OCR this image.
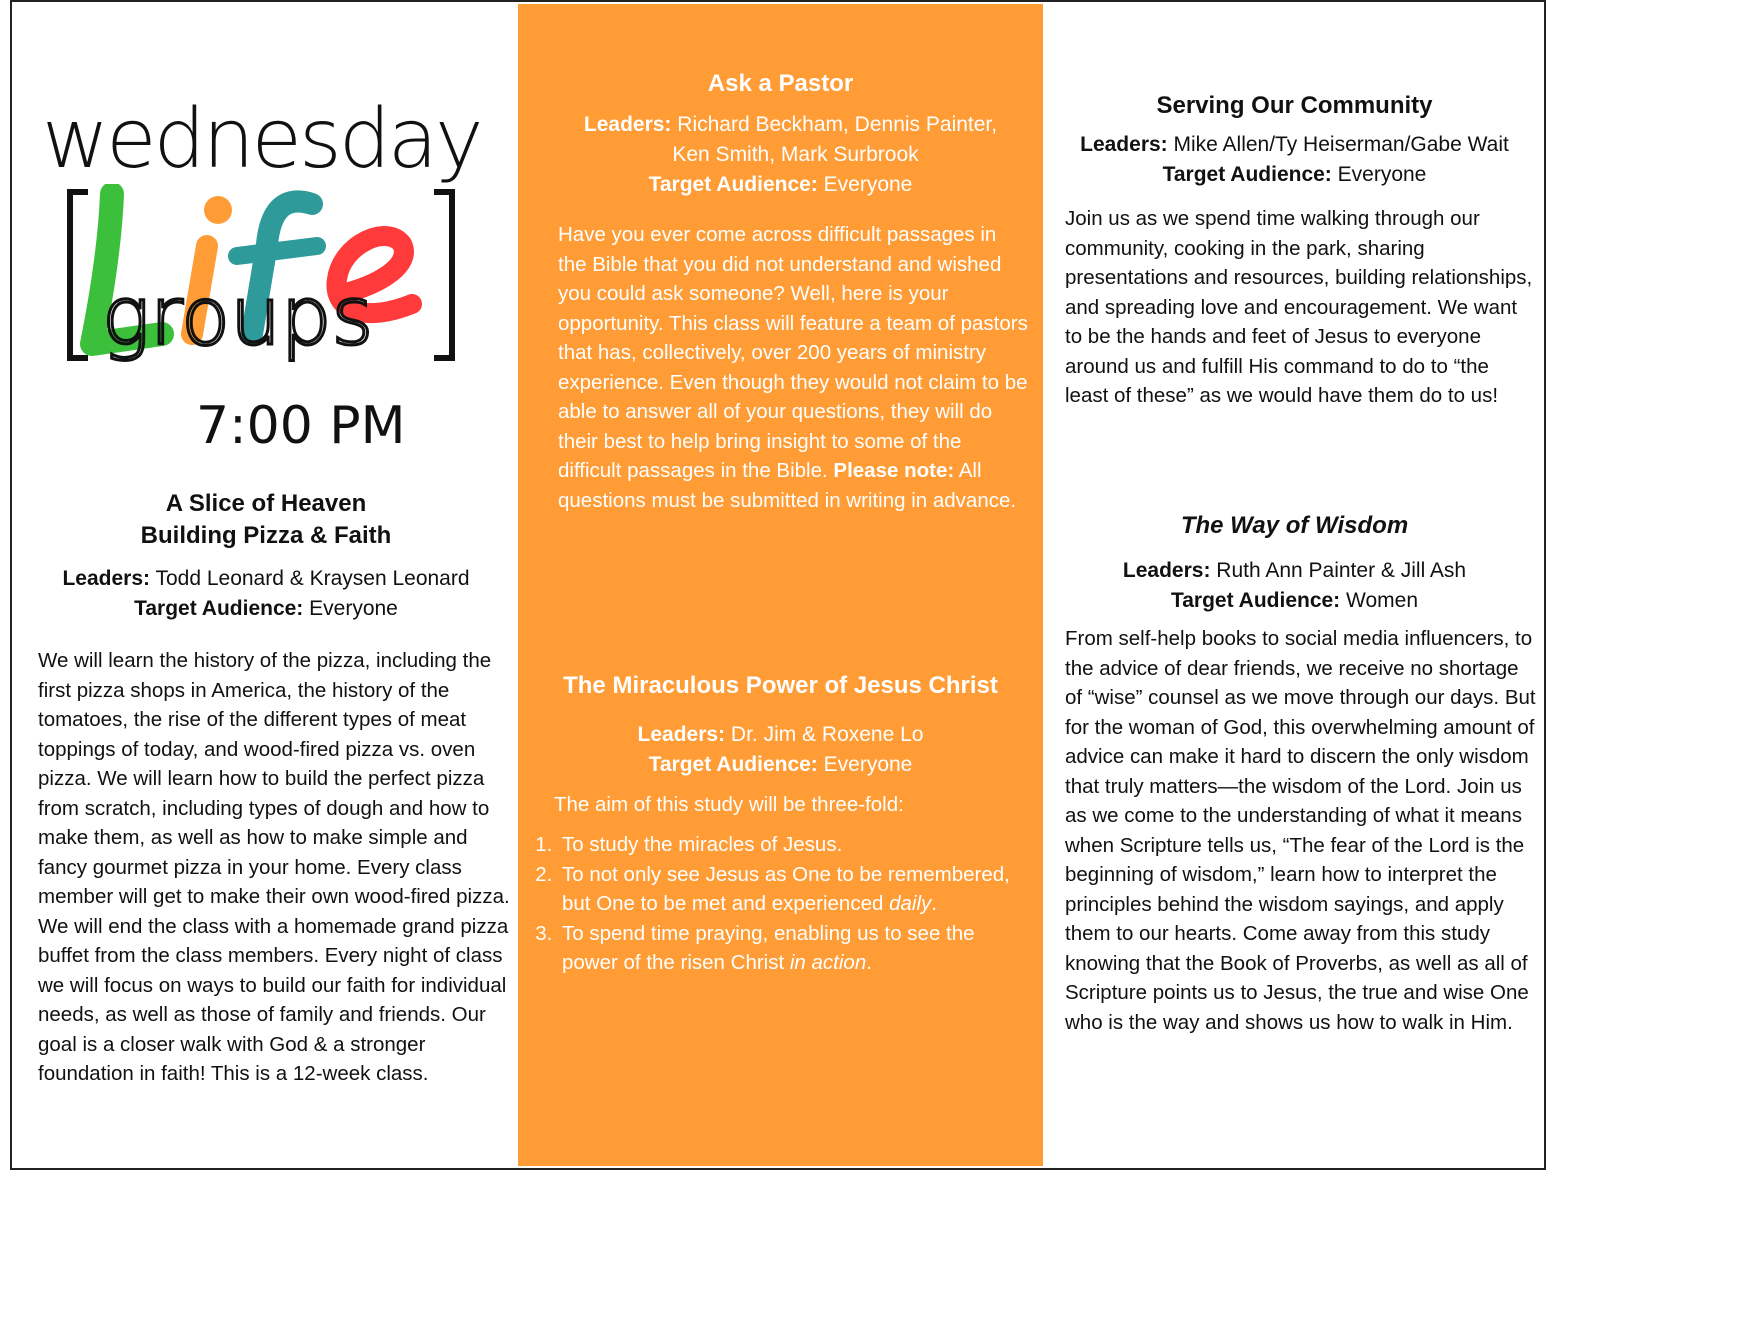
wednesday
groups
7:00 PM
A Slice of Heaven
Building Pizza & Faith
Leaders: Todd Leonard & Kraysen Leonard
Target Audience: Everyone
We will learn the history of the pizza, including the first pizza shops in America, the history of the tomatoes, the rise of the different types of meat toppings of today, and wood-fired pizza vs. oven pizza. We will learn how to build the perfect pizza from scratch, including types of dough and how to make them, as well as how to make simple and fancy gourmet pizza in your home. Every class member will get to make their own wood-fired pizza. We will end the class with a homemade grand pizza buffet from the class members. Every night of class we will focus on ways to build our faith for individual needs, as well as those of family and friends. Our goal is a closer walk with God & a stronger foundation in faith! This is a 12-week class.
Ask a Pastor
Leaders: Richard Beckham, Dennis Painter,
Ken Smith, Mark Surbrook
Target Audience: Everyone
Have you ever come across difficult passages in the Bible that you did not understand and wished you could ask someone? Well, here is your opportunity. This class will feature a team of pastors that has, collectively, over 200 years of ministry experience. Even though they would not claim to be able to answer all of your questions, they will do their best to help bring insight to some of the difficult passages in the Bible. Please note: All questions must be submitted in writing in advance.
The Miraculous Power of Jesus Christ
Leaders: Dr. Jim & Roxene Lo
Target Audience: Everyone
The aim of this study will be three-fold:
1. To study the miracles of Jesus.
2. To not only see Jesus as One to be remembered, but One to be met and experienced daily.
3. To spend time praying, enabling us to see the power of the risen Christ in action.
Serving Our Community
Leaders: Mike Allen/Ty Heiserman/Gabe Wait
Target Audience: Everyone
Join us as we spend time walking through our community, cooking in the park, sharing presentations and resources, building relationships, and spreading love and encouragement. We want to be the hands and feet of Jesus to everyone around us and fulfill His command to do to “the least of these” as we would have them do to us!
The Way of Wisdom
Leaders: Ruth Ann Painter & Jill Ash
Target Audience: Women
From self-help books to social media influencers, to the advice of dear friends, we receive no shortage of “wise” counsel as we move through our days. But for the woman of God, this overwhelming amount of advice can make it hard to discern the only wisdom that truly matters—the wisdom of the Lord. Join us as we come to the understanding of what it means when Scripture tells us, “The fear of the Lord is the beginning of wisdom,” learn how to interpret the principles behind the wisdom sayings, and apply them to our hearts. Come away from this study knowing that the Book of Proverbs, as well as all of Scripture points us to Jesus, the true and wise One who is the way and shows us how to walk in Him.
